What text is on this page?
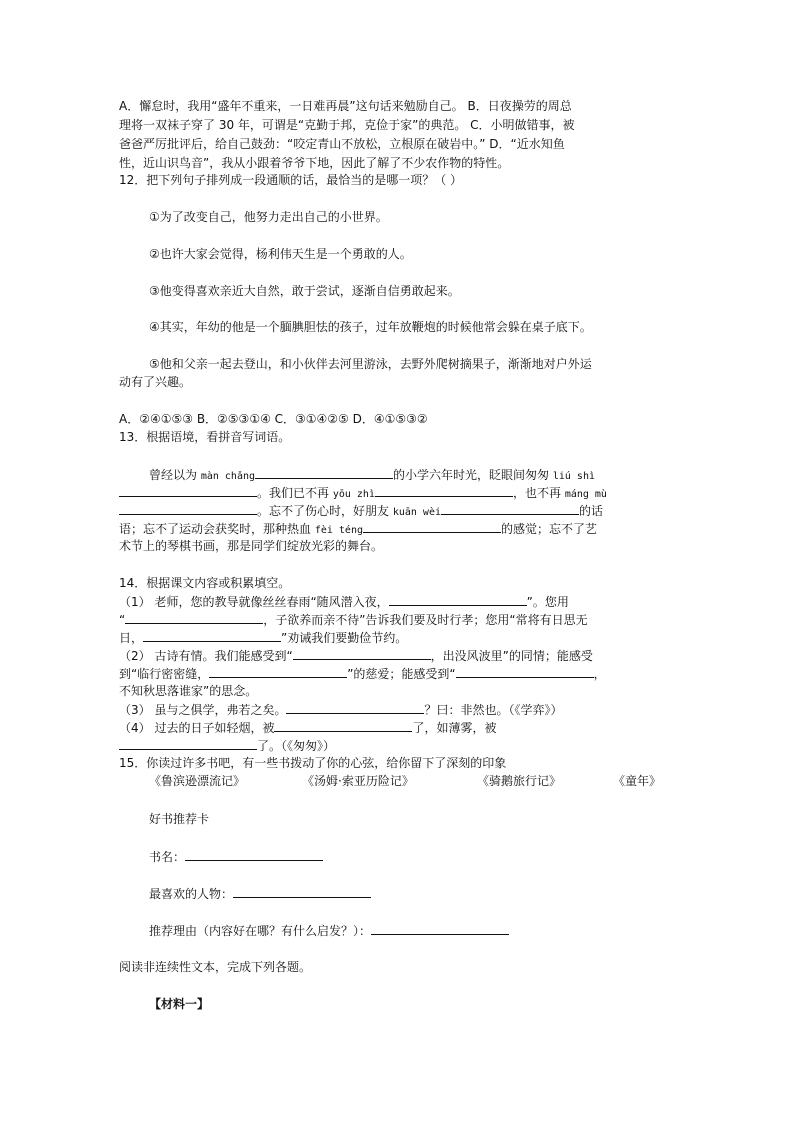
A．懈怠时，我用“盛年不重来，一日难再晨”这句话来勉励自己。 B．日夜操劳的周总
理将一双袜子穿了 30 年，可谓是“克勤于邦，克俭于家”的典范。 C．小明做错事，被
爸爸严厉批评后，给自己鼓劲：“咬定青山不放松，立根原在破岩中。” D．“近水知鱼
性，近山识鸟音”，我从小跟着爷爷下地，因此了解了不少农作物的特性。
12．把下列句子排列成一段通顺的话，最恰当的是哪一项？（ ）
①为了改变自己，他努力走出自己的小世界。
②也许大家会觉得，杨利伟天生是一个勇敢的人。
③他变得喜欢亲近大自然，敢于尝试，逐渐自信勇敢起来。
④其实，年幼的他是一个腼腆胆怯的孩子，过年放鞭炮的时候他常会躲在桌子底下。
⑤他和父亲一起去登山，和小伙伴去河里游泳，去野外爬树摘果子，渐渐地对户外运
动有了兴趣。
A．②④①⑤③ B．②⑤③①④ C．③①④②⑤ D．④①⑤③②
13．根据语境，看拼音写词语。
曾经以为 màn chǎng	的小学六年时光，眨眼间匆匆 liú shì
。我们已不再 yōu zhì	，也不再 máng mù
。忘不了伤心时，好朋友 kuān wèi	的话
语；忘不了运动会获奖时，那种热血 fèi téng	的感觉；忘不了艺
术节上的琴棋书画，那是同学们绽放光彩的舞台。
14．根据课文内容或积累填空。
（1） 老师，您的教导就像丝丝春雨“随风潜入夜，	”。您用
“	，子欲养而亲不待”告诉我们要及时行孝；您用“常将有日思无
日，	”劝诫我们要勤俭节约。
（2） 古诗有情。我们能感受到“	，出没风波里”的同情；能感受
到“临行密密缝，	”的慈爱；能感受到“	，
不知秋思落谁家”的思念。
（3） 虽与之俱学，弗若之矣。	？曰：非然也。（《学弈》）
（4） 过去的日子如轻烟，被	了，如薄雾，被
了。（《匆匆》）
15．你读过许多书吧，有一些书拨动了你的心弦，给你留下了深刻的印象
《鲁滨逊漂流记》	《汤姆·索亚历险记》	《骑鹅旅行记》	《童年》
好书推荐卡
书名：
最喜欢的人物：
推荐理由（内容好在哪？有什么启发？）：
阅读非连续性文本，完成下列各题。
【材料一】
